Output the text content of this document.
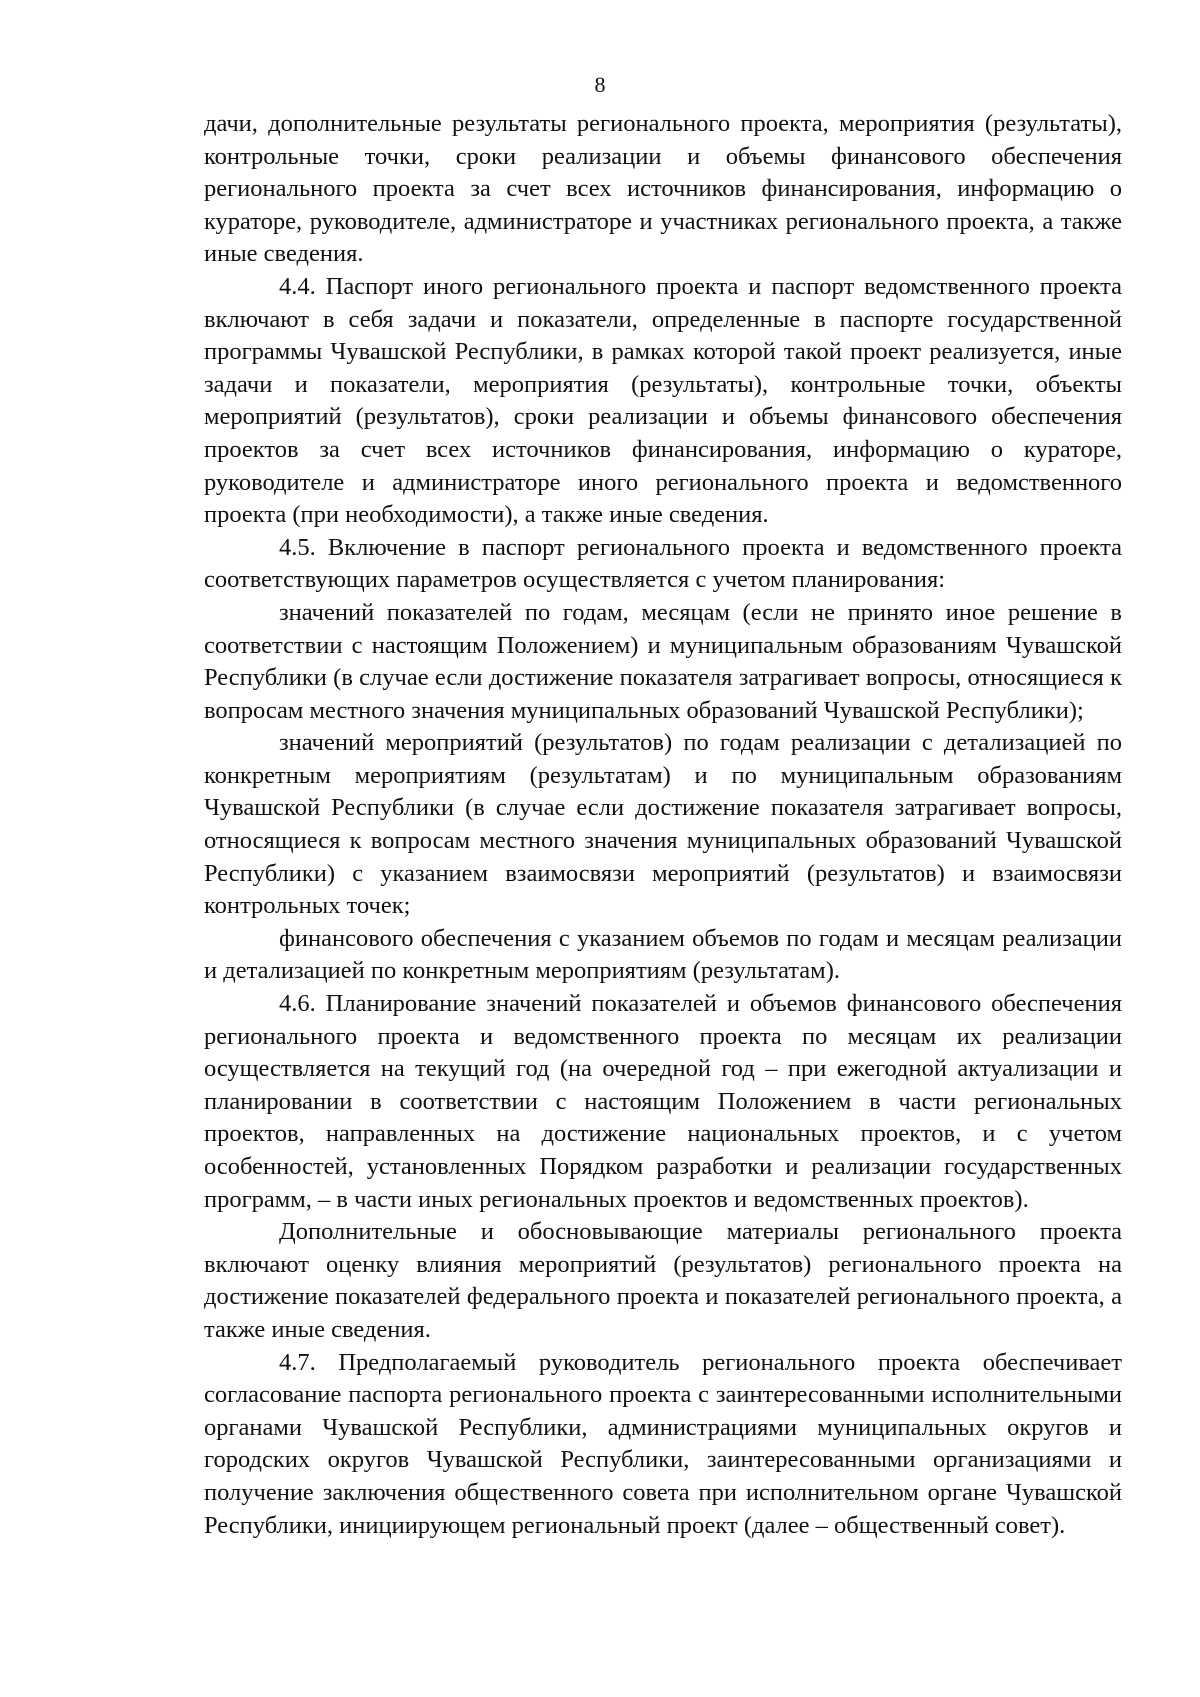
8

дачи, дополнительные результаты регионального проекта, мероприятия (результаты), контрольные точки, сроки реализации и объемы финансового обеспечения регионального проекта за счет всех источников финансирования, информацию о кураторе, руководителе, администраторе и участниках регионального проекта, а также иные сведения.

4.4. Паспорт иного регионального проекта и паспорт ведомственного проекта включают в себя задачи и показатели, определенные в паспорте государственной программы Чувашской Республики, в рамках которой такой проект реализуется, иные задачи и показатели, мероприятия (результаты), контрольные точки, объекты мероприятий (результатов), сроки реализации и объемы финансового обеспечения проектов за счет всех источников финансирования, информацию о кураторе, руководителе и администраторе иного регионального проекта и ведомственного проекта (при необходимости), а также иные сведения.

4.5. Включение в паспорт регионального проекта и ведомственного проекта соответствующих параметров осуществляется с учетом планирования:

значений показателей по годам, месяцам (если не принято иное решение в соответствии с настоящим Положением) и муниципальным образованиям Чувашской Республики (в случае если достижение показателя затрагивает вопросы, относящиеся к вопросам местного значения муниципальных образований Чувашской Республики);

значений мероприятий (результатов) по годам реализации с детализацией по конкретным мероприятиям (результатам) и по муниципальным образованиям Чувашской Республики (в случае если достижение показателя затрагивает вопросы, относящиеся к вопросам местного значения муниципальных образований Чувашской Республики) с указанием взаимосвязи мероприятий (результатов) и взаимосвязи контрольных точек;

финансового обеспечения с указанием объемов по годам и месяцам реализации и детализацией по конкретным мероприятиям (результатам).

4.6. Планирование значений показателей и объемов финансового обеспечения регионального проекта и ведомственного проекта по месяцам их реализации осуществляется на текущий год (на очередной год – при ежегодной актуализации и планировании в соответствии с настоящим Положением в части региональных проектов, направленных на достижение национальных проектов, и с учетом особенностей, установленных Порядком разработки и реализации государственных программ, – в части иных региональных проектов и ведомственных проектов).

Дополнительные и обосновывающие материалы регионального проекта включают оценку влияния мероприятий (результатов) регионального проекта на достижение показателей федерального проекта и показателей регионального проекта, а также иные сведения.

4.7. Предполагаемый руководитель регионального проекта обеспечивает согласование паспорта регионального проекта с заинтересованными исполнительными органами Чувашской Республики, администрациями муниципальных округов и городских округов Чувашской Республики, заинтересованными организациями и получение заключения общественного совета при исполнительном органе Чувашской Республики, инициирующем региональный проект (далее – общественный совет).
